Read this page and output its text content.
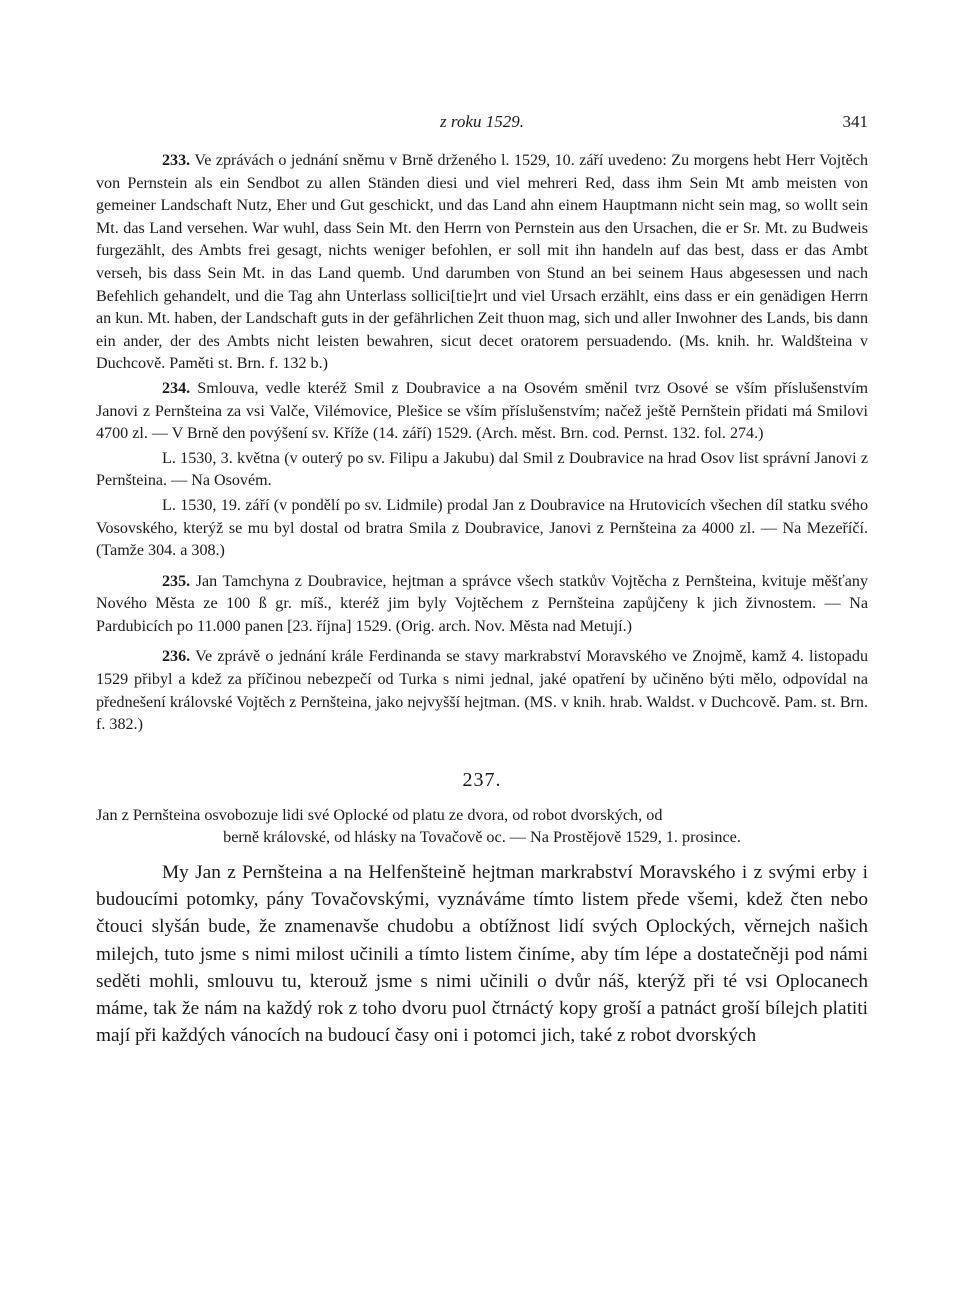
z roku 1529.	341

233. Ve zprávách o jednání sněmu v Brně drženého l. 1529, 10. září uvedeno: Zu morgens hebt Herr Vojtěch von Pernstein als ein Sendbot zu allen Ständen diesi und viel mehreri Red, dass ihm Sein Mt amb meisten von gemeiner Landschaft Nutz, Eher und Gut geschickt, und das Land ahn einem Hauptmann nicht sein mag, so wollt sein Mt. das Land versehen. War wuhl, dass Sein Mt. den Herrn von Pernstein aus den Ursachen, die er Sr. Mt. zu Budweis furgezählt, des Ambts frei gesagt, nichts weniger befohlen, er soll mit ihn handeln auf das best, dass er das Ambt verseh, bis dass Sein Mt. in das Land quemb. Und darumben von Stund an bei seinem Haus abgesessen und nach Befehlich gehandelt, und die Tag ahn Unterlass sollici[tie]rt und viel Ursach erzählt, eins dass er ein genädigen Herrn an kun. Mt. haben, der Landschaft guts in der gefährlichen Zeit thuon mag, sich und aller Inwohner des Lands, bis dann ein ander, der des Ambts nicht leisten bewahren, sicut decet oratorem persuadendo. (Ms. knih. hr. Waldšteina v Duchcově. Paměti st. Brn. f. 132 b.)

234. Smlouva, vedle kteréž Smil z Doubravice a na Osovém směnil tvrz Osové se vším příslušenstvím Janovi z Pernšteina za vsi Valče, Vilémovice, Plešice se vším příslušenstvím; načež ještě Pernštein přidati má Smilovi 4700 zl. — V Brně den povýšení sv. Kříže (14. září) 1529. (Arch. měst. Brn. cod. Pernst. 132. fol. 274.)

L. 1530, 3. května (v outerý po sv. Filipu a Jakubu) dal Smil z Doubravice na hrad Osov list správní Janovi z Pernšteina. — Na Osovém.

L. 1530, 19. září (v pondělí po sv. Lidmile) prodal Jan z Doubravice na Hrutovicích všechen díl statku svého Vosovského, kterýž se mu byl dostal od bratra Smila z Doubravice, Janovi z Pernšteina za 4000 zl. — Na Mezeříčí. (Tamže 304. a 308.)

235. Jan Tamchyna z Doubravice, hejtman a správce všech statkův Vojtěcha z Pernšteina, kvituje měšťany Nového Města ze 100 ß gr. míš., kteréž jim byly Vojtěchem z Pernšteina zapůjčeny k jich živnostem. — Na Pardubicích po 11.000 panen [23. října] 1529. (Orig. arch. Nov. Města nad Metují.)

236. Ve zprávě o jednání krále Ferdinanda se stavy markrabství Moravského ve Znojmě, kamž 4. listopadu 1529 přibyl a kdež za příčinou nebezpečí od Turka s nimi jednal, jaké opatření by učiněno býti mělo, odpovídal na přednešení královské Vojtěch z Pernšteina, jako nejvyšší hejtman. (MS. v knih. hrab. Waldst. v Duchcově. Pam. st. Brn. f. 382.)

237.
Jan z Pernšteina osvobozuje lidi své Oplocké od platu ze dvora, od robot dvorských, od
berně královské, od hlásky na Tovačově oc. — Na Prostějově 1529, 1. prosince.

My Jan z Pernšteina a na Helfenšteině hejtman markrabství Moravského i z svými erby i budoucími potomky, pány Tovačovskými, vyznáváme tímto listem přede všemi, kdež čten nebo čtouci slyšán bude, že znamenavše chudobu a obtížnost lidí svých Oplockých, věrnejch našich milejch, tuto jsme s nimi milost učinili a tímto listem činíme, aby tím lépe a dostatečněji pod námi seděti mohli, smlouvu tu, kterouž jsme s nimi učinili o dvůr náš, kterýž při té vsi Oplocanech máme, tak že nám na každý rok z toho dvoru puol čtrnáctý kopy groší a patnáct groší bílejch platiti mají při každých vánocích na budoucí časy oni i potomci jich, také z robot dvorských
